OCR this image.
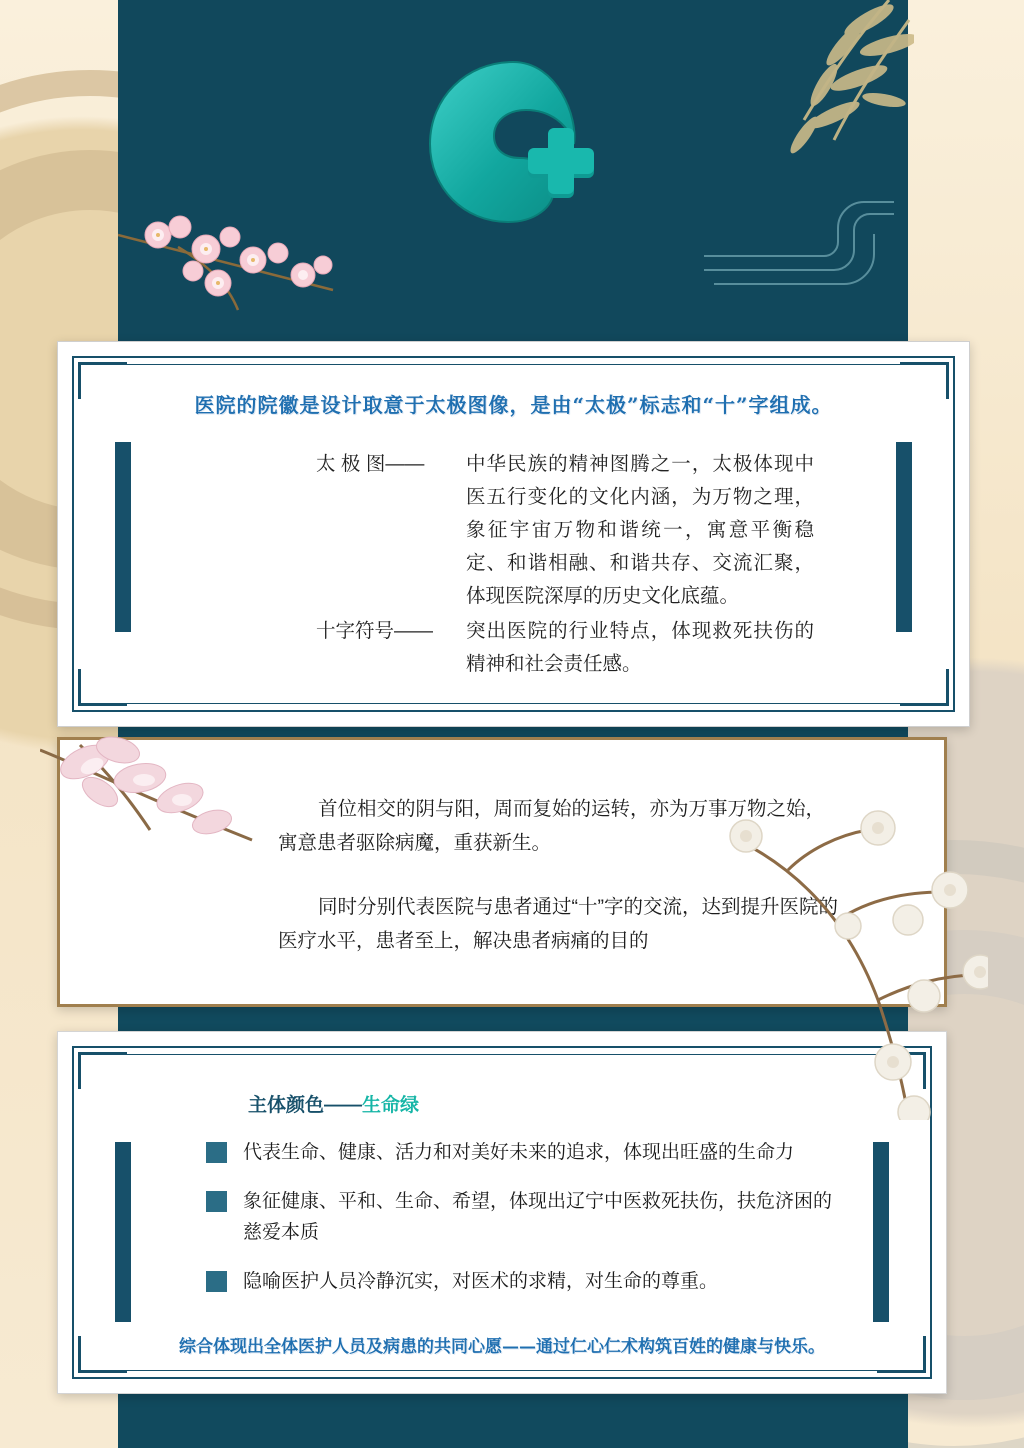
医院的院徽是设计取意于太极图像，是由“太极”标志和“十”字组成。
太 极 图——	中华民族的精神图腾之一，太极体现中医五行变化的文化内涵，为万物之理，象征宇宙万物和谐统一，寓意平衡稳定、和谐相融、和谐共存、交流汇聚，体现医院深厚的历史文化底蕴。
十字符号——	突出医院的行业特点，体现救死扶伤的精神和社会责任感。

首位相交的阴与阳，周而复始的运转，亦为万事万物之始，寓意患者驱除病魔，重获新生。

同时分别代表医院与患者通过“十”字的交流，达到提升医院的医疗水平，患者至上，解决患者病痛的目的

主体颜色——生命绿
代表生命、健康、活力和对美好未来的追求，体现出旺盛的生命力
象征健康、平和、生命、希望，体现出辽宁中医救死扶伤，扶危济困的慈爱本质
隐喻医护人员冷静沉实，对医术的求精，对生命的尊重。
综合体现出全体医护人员及病患的共同心愿——通过仁心仁术构筑百姓的健康与快乐。
